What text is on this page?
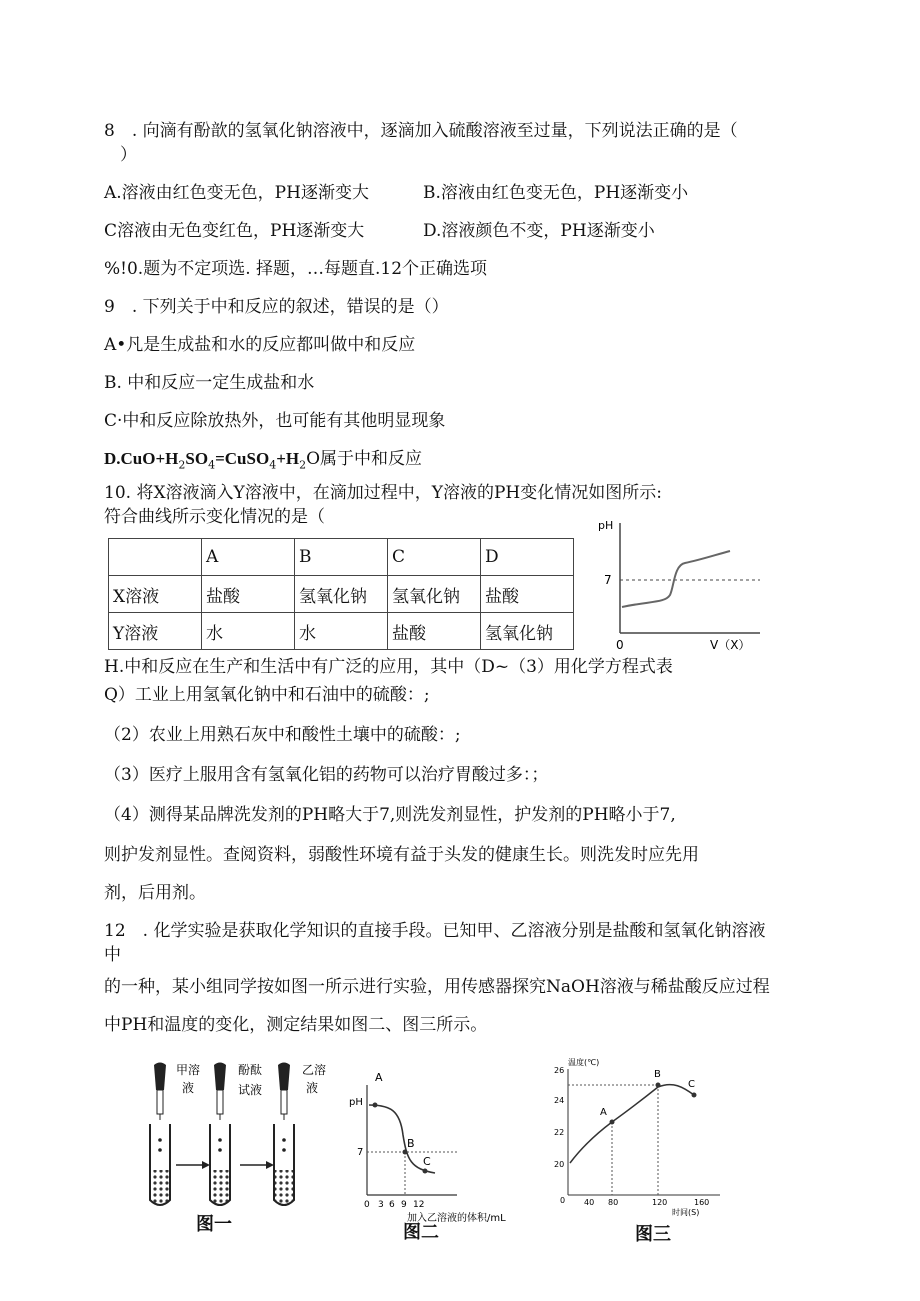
8　. 向滴有酚歆的氢氧化钠溶液中，逐滴加入硫酸溶液至过量，下列说法正确的是（
）
A.溶液由红色变无色，PH逐渐变大	B.溶液由红色变无色，PH逐渐变小
C溶液由无色变红色，PH逐渐变大	D.溶液颜色不变，PH逐渐变小
%!0.题为不定项选. 择题，…每题直.12个正确选项
9　. 下列关于中和反应的叙述，错误的是（）
A•凡是生成盐和水的反应都叫做中和反应
B. 中和反应一定生成盐和水
C·中和反应除放热外，也可能有其他明显现象
$D.CuO+H_2SO_4=CuSO_4+H_2O$属于中和反应
10. 将X溶液滴入Y溶液中，在滴加过程中，Y溶液的PH变化情况如图所示:
符合曲线所示变化情况的是（
	A	B	C	D
X溶液	盐酸	氢氧化钠	氢氧化钠	盐酸
Y溶液	水	水	盐酸	氢氧化钠
pH
7
0	V（X）
H.中和反应在生产和生活中有广泛的应用，其中（D~（3）用化学方程式表
Q）工业上用氢氧化钠中和石油中的硫酸：;
（2）农业上用熟石灰中和酸性土壤中的硫酸：;
（3）医疗上服用含有氢氧化铝的药物可以治疗胃酸过多：；
（4）测得某品牌洗发剂的PH略大于7,则洗发剂显性，护发剂的PH略小于7,
则护发剂显性。查阅资料，弱酸性环境有益于头发的健康生长。则洗发时应先用
剂，后用剂。
12　. 化学实验是获取化学知识的直接手段。已知甲、乙溶液分别是盐酸和氢氧化钠溶液
中
的一种，某小组同学按如图一所示进行实验，用传感器探究NaOH溶液与稀盐酸反应过程
中PH和温度的变化，测定结果如图二、图三所示。
甲溶
液
酚酞
试液
乙溶
液
图一
pH
A
7
B
C
0 3 6 9 12
加入乙溶液的体积/mL
图二
温度(℃)
26
24
22
20
0 40 80	120	160
A
B
C
时间(S)
图三
